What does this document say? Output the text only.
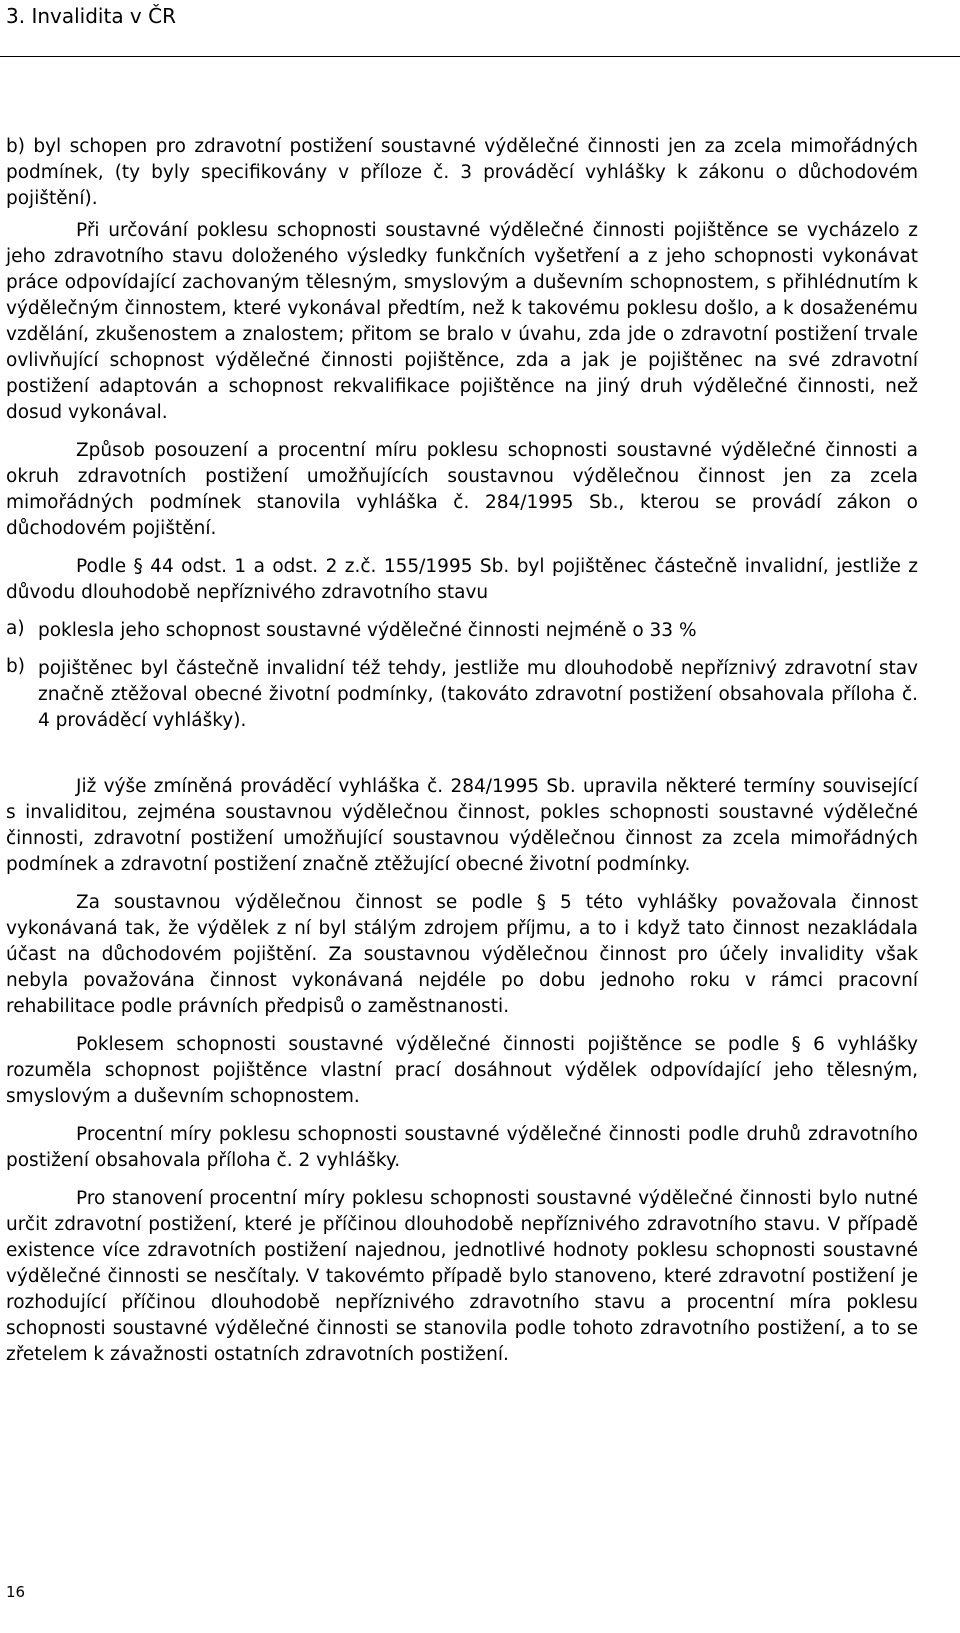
3. Invalidita v ČR

b) byl schopen pro zdravotní postižení soustavné výdělečné činnosti jen za zcela mimořádných podmínek, (ty byly specifikovány v příloze č. 3 prováděcí vyhlášky k zákonu o důchodovém pojištění).

Při určování poklesu schopnosti soustavné výdělečné činnosti pojištěnce se vycházelo z jeho zdravotního stavu doloženého výsledky funkčních vyšetření a z jeho schopnosti vykonávat práce odpovídající zachovaným tělesným, smyslovým a duševním schopnostem, s přihlédnutím k výdělečným činnostem, které vykonával předtím, než k takovému poklesu došlo, a k dosaženému vzdělání, zkušenostem a znalostem; přitom se bralo v úvahu, zda jde o zdravotní postižení trvale ovlivňující schopnost výdělečné činnosti pojištěnce, zda a jak je pojištěnec na své zdravotní postižení adaptován a schopnost rekvalifikace pojištěnce na jiný druh výdělečné činnosti, než dosud vykonával.

Způsob posouzení a procentní míru poklesu schopnosti soustavné výdělečné činnosti a okruh zdravotních postižení umožňujících soustavnou výdělečnou činnost jen za zcela mimořádných podmínek stanovila vyhláška č. 284/1995 Sb., kterou se provádí zákon o důchodovém pojištění.

Podle § 44 odst. 1 a odst. 2 z.č. 155/1995 Sb. byl pojištěnec částečně invalidní, jestliže z důvodu dlouhodobě nepříznivého zdravotního stavu

a) poklesla jeho schopnost soustavné výdělečné činnosti nejméně o 33 %

b) pojištěnec byl částečně invalidní též tehdy, jestliže mu dlouhodobě nepříznivý zdravotní stav značně ztěžoval obecné životní podmínky, (takováto zdravotní postižení obsahovala příloha č. 4 prováděcí vyhlášky).

Již výše zmíněná prováděcí vyhláška č. 284/1995 Sb. upravila některé termíny související s invaliditou, zejména soustavnou výdělečnou činnost, pokles schopnosti soustavné výdělečné činnosti, zdravotní postižení umožňující soustavnou výdělečnou činnost za zcela mimořádných podmínek a zdravotní postižení značně ztěžující obecné životní podmínky.

Za soustavnou výdělečnou činnost se podle § 5 této vyhlášky považovala činnost vykonávaná tak, že výdělek z ní byl stálým zdrojem příjmu, a to i když tato činnost nezakládala účast na důchodovém pojištění. Za soustavnou výdělečnou činnost pro účely invalidity však nebyla považována činnost vykonávaná nejdéle po dobu jednoho roku v rámci pracovní rehabilitace podle právních předpisů o zaměstnanosti.

Poklesem schopnosti soustavné výdělečné činnosti pojištěnce se podle § 6 vyhlášky rozuměla schopnost pojištěnce vlastní prací dosáhnout výdělek odpovídající jeho tělesným, smyslovým a duševním schopnostem.

Procentní míry poklesu schopnosti soustavné výdělečné činnosti podle druhů zdravotního postižení obsahovala příloha č. 2 vyhlášky.

Pro stanovení procentní míry poklesu schopnosti soustavné výdělečné činnosti bylo nutné určit zdravotní postižení, které je příčinou dlouhodobě nepříznivého zdravotního stavu. V případě existence více zdravotních postižení najednou, jednotlivé hodnoty poklesu schopnosti soustavné výdělečné činnosti se nesčítaly. V takovémto případě bylo stanoveno, které zdravotní postižení je rozhodující příčinou dlouhodobě nepříznivého zdravotního stavu a procentní míra poklesu schopnosti soustavné výdělečné činnosti se stanovila podle tohoto zdravotního postižení, a to se zřetelem k závažnosti ostatních zdravotních postižení.

16
